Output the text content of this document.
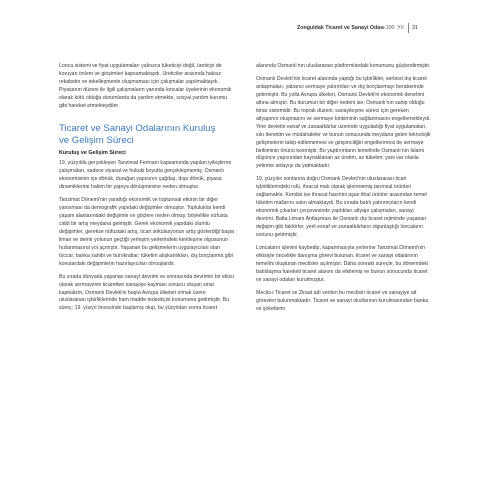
Zonguldak Ticaret ve Sanayi Odası 100. Yıl 31

Lonca sistemi ve fiyat uygulamaları yalnızca tüketiciyi değil, üreticiyi de koruyan önlem ve girişimleri kapsamaktaydı. Üreticiler arasında haksız rekabetin ve tekelleşmenin oluşmaması için çalışmalar yapılmaktaydı. Piyasanın düzeni ile ilgili çalışmaların yanında loncalar üyelerinin ekonomik olarak kötü olduğu durumlarda da yardım etmekte, sosyal yardım kurumu gibi hareket etmekteydiler.

Ticaret ve Sanayi Odalarının Kuruluş
ve Gelişim Süreci
Kuruluş ve Gelişim Süreci

19. yüzyılda gerçekleşen Tanzimat Fermanı kapsamında yapılan iyileştirme çalışmaları, sadece siyasal ve hukuki boyutta gerçekleşmemiş, Osmanlı ekonomisinin içe dönük, durağan yapısının çağdaş, dışa dönük, piyasa dinamiklerine hakim bir yapıya dönüşmesine neden olmuştur.

Tanzimat Dönemi'nin yarattığı ekonomik ve toplumsal etkinin bir diğer yansıması da demografik yapıdaki değişimler olmuştur. Topluluklar kendi yaşam alanlarındaki değişimle ve göçlere neden olmuş; böylelikle nüfusta ciddi bir artış meydana gelmiştir. Gerek ekonomik yapıdaki olumlu değişimler, gerekse nüfustaki artış, ticari sirkülasyonun artış gösterdiği başta liman ve demir yolunun geçtiği yerleşim yerlerindeki kentleşme olgusunun hızlanmasına yol açmıştır. Yaşanan bu gelişmelerin uygulayıcıları olan tüccar, banka sahibi ve bürokratlar; tüketim alışkanlıkları, dış borçlanma gibi konulardaki değişimlerin hazırlayıcıları olmuşlardır.

Bu sırada dünyada yaşanan sanayi devrimi ve sonrasında devrimin bir etkisi olarak sermayenin ticaretten sanayiye kayması sonucu oluşan sinai kapitalizm, Osmanlı Devleti'ni başta Avrupa ülkeleri olmak üzere uluslararası işbirliklerinde ham madde tedarikçisi konumuna getirmiştir. Bu süreç; 19. yüzyıl öncesinde başlamış olup, bu yüzyıldan sonra ticaret

alanında Osmanlı'nın uluslararası platformlardaki konumunu güçlendirmiştir.

Osmanlı Devleti'nin ticaret alanında yaptığı bu işbirlikler, serbest dış ticaret anlaşmaları, yabancı sermaye yatırımları ve dış borçlanmayı beraberinde getirmiştir. Bu yolla Avrupa ülkeleri, Osmanlı Devleti'ni ekonomik denetimi altına almıştır. Bu durumun bir diğer nedeni ise; Osmanlı'nın sahip olduğu timar sistemidir. Bu toprak düzeni; sanayileşme süreci için gereken altyapının oluşmasını ve sermaye birikiminin sağlanmasını engellemekteydi. Yine devletin esnaf ve zanaatkârlar üzerinde uyguladığı fiyat uygulamaları, sıkı denetim ve müdahaleler ve bunun sonucunda meydana gelen teknolojik gelişmelerin takip edilememesi ve girişimciliğin engellenmesi de sermaye birikiminin önünü kesmiştir. Bu yaptırımların temelinde Osmanlı'nın İslami düşünce yapısından kaynaklanan az üretim, az tüketim; yani var olanla yetinme anlayışı da yatmaktadır.

19. yüzyılın sonlarına doğru Osmanlı Devleti'nin uluslararası ticari işbirliklerindeki rolü, ihracat malı olarak işlenmemiş tarımsal ürünleri sağlamaktır. Kendisi ise ihracat hacmini aşan ithal ürünler arasından temel tüketim mallarını satın almaktaydı. Bu sırada batılı yatırımcıların kendi ekonomik çıkarları çerçevesinde yaptıkları altyapı çalışmaları, sanayi devrimi, Balta Limanı Antlaşması ile Osmanlı dış ticaret rejiminde yaşanan değişim gibi faktörler, yerli esnaf ve zanaatkârların olgunlaştığı loncaların sonunu getirmiştir.

Loncaların işlevini kaybedip, kapanmasıyla yerlerine Tanzimat Dönemi'nin etkisiyle öncelikle danışma görevi bulunan, ticaret ve sanayi odalarının temelini oluşturan meclisler açılmıştır. Daha sonraki süreçte, bu dönemdeki batılılaşma hareketi ticaret alanını da etkilemiş ve bunun sonucunda ticaret ve sanayi odaları kurulmuştur.

Meclis-i Ticaret ve Ziraat adı verilen bu meclisin ticaret ve sanayiye ait görevleri bulunmaktadır. Ticaret ve sanayi okullarının kurulmasından banka ve şirketlerin
